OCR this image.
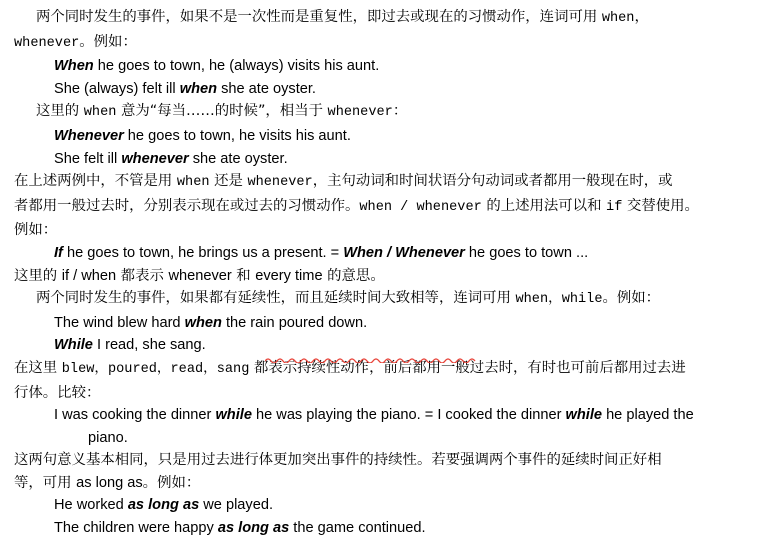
两个同时发生的事件，如果不是一次性而是重复性，即过去或现在的习惯动作，连词可用 when，
whenever。例如：
When he goes to town, he (always) visits his aunt.
She (always) felt ill when she ate oyster.
这里的 when 意为“每当……的时候”，相当于 whenever：
Whenever he goes to town, he visits his aunt.
She felt ill whenever she ate oyster.
在上述两例中，不管是用 when 还是 whenever，主句动词和时间状语分句动词或者都用一般现在时，或
者都用一般过去时，分别表示现在或过去的习惯动作。when / whenever 的上述用法可以和 if 交替使用。
例如：
If he goes to town, he brings us a present. = When / Whenever he goes to town ...
这里的 if / when 都表示 whenever 和 every time 的意思。
两个同时发生的事件，如果都有延续性，而且延续时间大致相等，连词可用 when，while。例如：
The wind blew hard when the rain poured down.
While I read, she sang.
在这里 blew，poured，read，sang 都表示持续性动作，前后都用一般过去时，有时也可前后都用过去进
行体。比较：
I was cooking the dinner while he was playing the piano. = I cooked the dinner while he played the
piano.
这两句意义基本相同，只是用过去进行体更加突出事件的持续性。若要强调两个事件的延续时间正好相
等，可用 as long as。例如：
He worked as long as we played.
The children were happy as long as the game continued.
